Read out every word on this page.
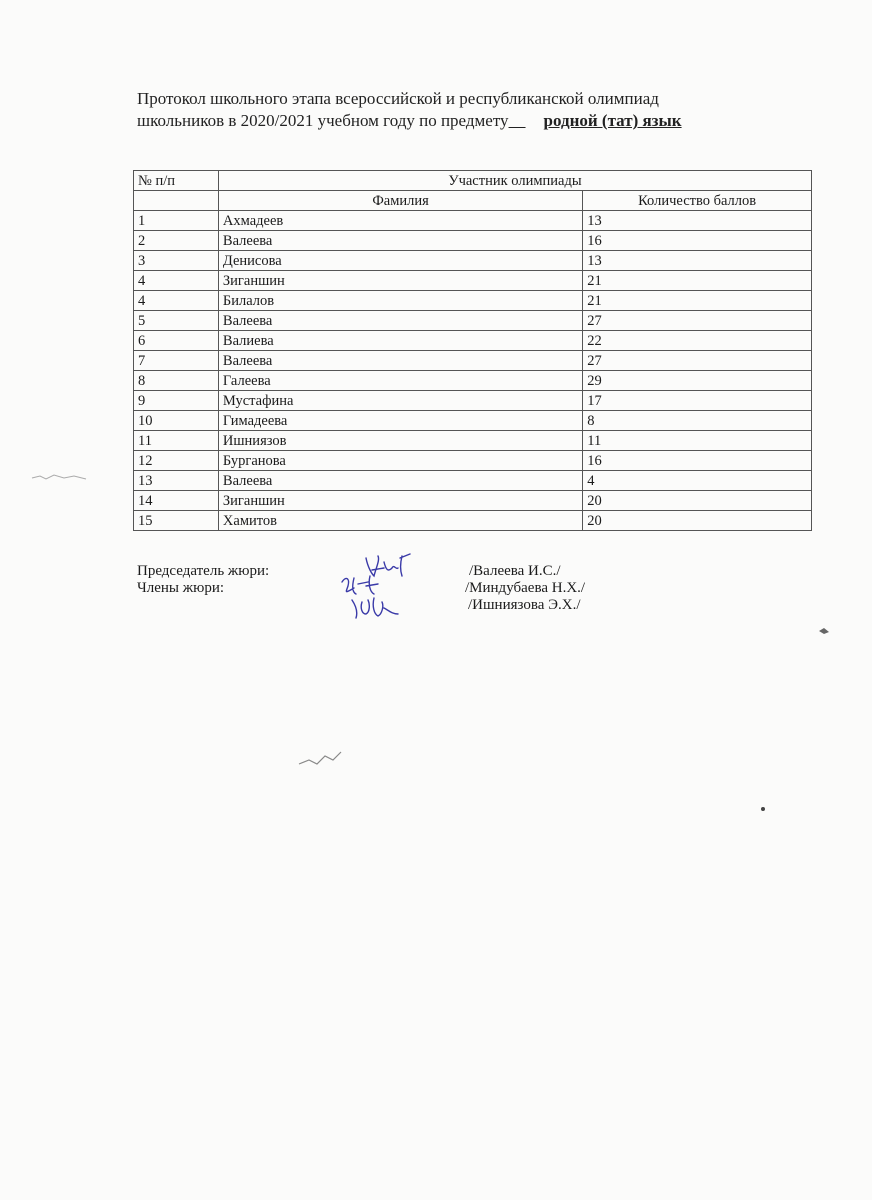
Протокол школьного этапа всероссийской и республиканской олимпиад
школьников в 2020/2021 учебном году по предмету родной (тат) язык
№ п/п	Участник олимпиады	
	Фамилия	Количество баллов
1	Ахмадеев	13
2	Валеева	16
3	Денисова	13
4	Зиганшин	21
4	Билалов	21
5	Валеева	27
6	Валиева	22
7	Валеева	27
8	Галеева	29
9	Мустафина	17
10	Гимадеева	8
11	Ишниязов	11
12	Бурганова	16
13	Валеева	4
14	Зиганшин	20
15	Хамитов	20
Председатель жюри:	/Валеева И.С./
Члены жюри:	/Миндубаева Н.Х./
/Ишниязова Э.Х./
